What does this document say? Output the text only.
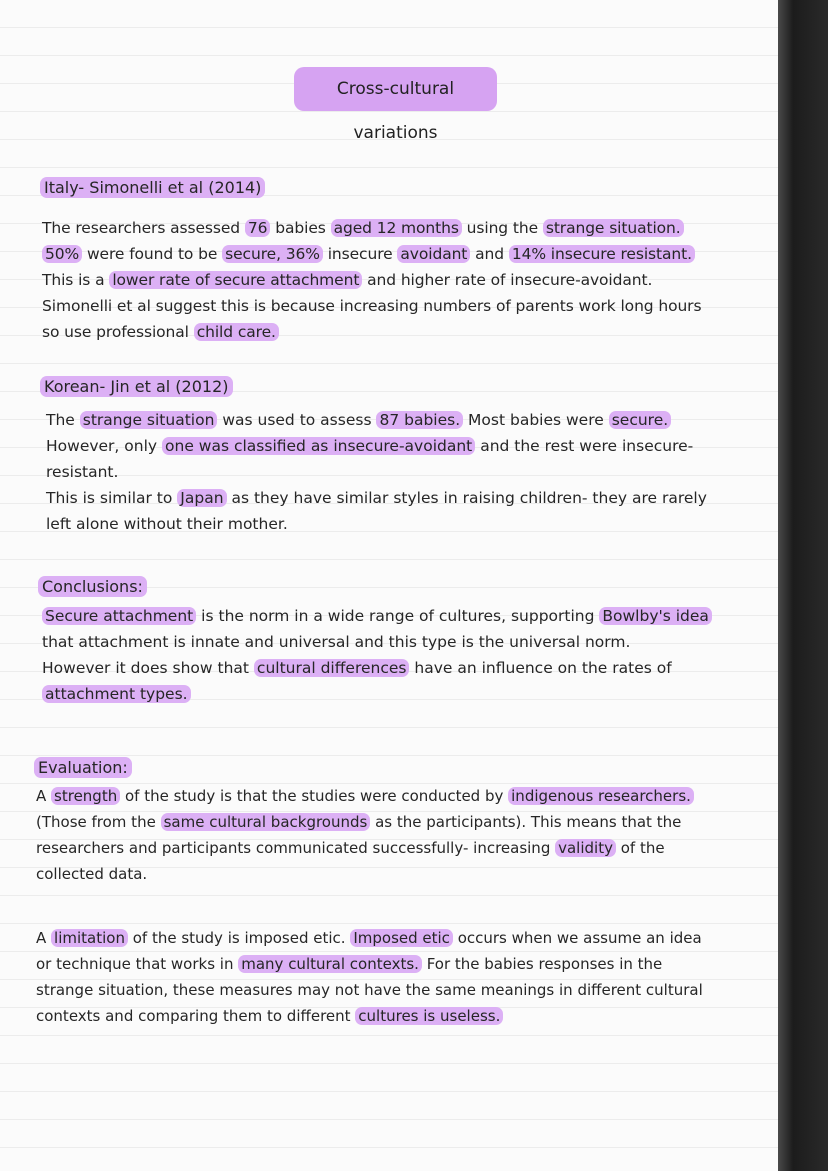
Cross-cultural variations
Italy- Simonelli et al (2014)
The researchers assessed 76 babies aged 12 months using the strange situation.
50% were found to be secure, 36% insecure avoidant and 14% insecure resistant.
This is a lower rate of secure attachment and higher rate of insecure-avoidant.
Simonelli et al suggest this is because increasing numbers of parents work long hours
so use professional child care.
Korean- Jin et al (2012)
The strange situation was used to assess 87 babies. Most babies were secure.
However, only one was classified as insecure-avoidant and the rest were insecure-
resistant.
This is similar to Japan as they have similar styles in raising children- they are rarely
left alone without their mother.
Conclusions:
Secure attachment is the norm in a wide range of cultures, supporting Bowlby's idea
that attachment is innate and universal and this type is the universal norm.
However it does show that cultural differences have an influence on the rates of
attachment types.
Evaluation:
A strength of the study is that the studies were conducted by indigenous researchers.
(Those from the same cultural backgrounds as the participants). This means that the
researchers and participants communicated successfully- increasing validity of the
collected data.
A limitation of the study is imposed etic. Imposed etic occurs when we assume an idea
or technique that works in many cultural contexts. For the babies responses in the
strange situation, these measures may not have the same meanings in different cultural
contexts and comparing them to different cultures is useless.
